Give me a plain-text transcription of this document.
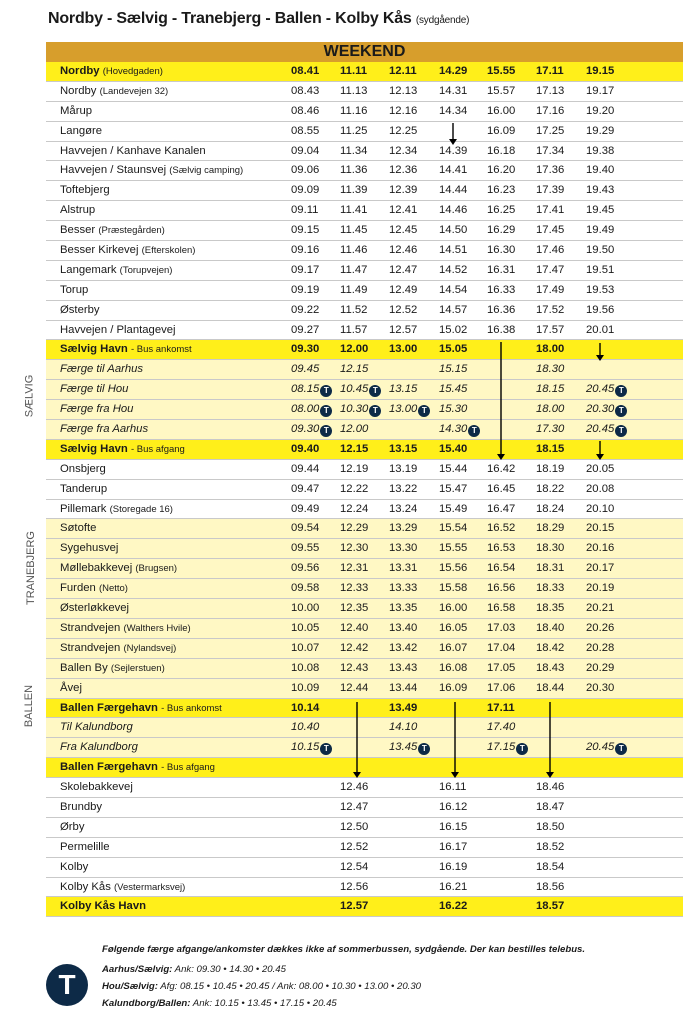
Nordby - Sælvig - Tranebjerg - Ballen - Kolby Kås (sydgående)
WEEKEND
SÆLVIG
TRANEBJERG
BALLEN
Nordby (Hovedgaden)	08.41 11.11 12.11 14.29 15.55 17.11 19.15
Nordby (Landevejen 32)	08.43 11.13 12.13 14.31 15.57 17.13 19.17
Mårup	08.46 11.16 12.16 14.34 16.00 17.16 19.20
Langøre	08.55 11.25 12.25	16.09 17.25 19.29
Havvejen / Kanhave Kanalen	09.04 11.34 12.34 14.39 16.18 17.34 19.38
Havvejen / Staunsvej (Sælvig camping)	09.06 11.36 12.36 14.41 16.20 17.36 19.40
Toftebjerg	09.09 11.39 12.39 14.44 16.23 17.39 19.43
Alstrup	09.11 11.41 12.41 14.46 16.25 17.41 19.45
Besser (Præstegården)	09.15 11.45 12.45 14.50 16.29 17.45 19.49
Besser Kirkevej (Efterskolen)	09.16 11.46 12.46 14.51 16.30 17.46 19.50
Langemark (Torupvejen)	09.17 11.47 12.47 14.52 16.31 17.47 19.51
Torup	09.19 11.49 12.49 14.54 16.33 17.49 19.53
Østerby	09.22 11.52 12.52 14.57 16.36 17.52 19.56
Havvejen / Plantagevej	09.27 11.57 12.57 15.02 16.38 17.57 20.01
Sælvig Havn - Bus ankomst	09.30 12.00 13.00 15.05	18.00
Færge til Aarhus	09.45 12.15	15.15	18.30
Færge til Hou	08.15 T 10.45 T 13.15 15.45	18.15 20.45 T
Færge fra Hou	08.00 T 10.30 T 13.00 T	15.30	18.00 20.30 T
Færge fra Aarhus	09.30 T 12.00	14.30 T	17.30 20.45 T
Sælvig Havn - Bus afgang	09.40 12.15 13.15 15.40	18.15
Onsbjerg	09.44 12.19 13.19 15.44 16.42 18.19 20.05
Tanderup	09.47 12.22 13.22 15.47 16.45 18.22 20.08
Pillemark (Storegade 16)	09.49 12.24 13.24 15.49 16.47 18.24 20.10
Søtofte	09.54 12.29 13.29 15.54 16.52 18.29 20.15
Sygehusvej	09.55 12.30 13.30 15.55 16.53 18.30 20.16
Møllebakkevej (Brugsen)	09.56 12.31 13.31 15.56 16.54 18.31 20.17
Furden (Netto)	09.58 12.33 13.33 15.58 16.56 18.33 20.19
Østerløkkevej	10.00 12.35 13.35 16.00 16.58 18.35 20.21
Strandvejen (Walthers Hvile)	10.05 12.40 13.40 16.05 17.03 18.40 20.26
Strandvejen (Nylandsvej)	10.07 12.42 13.42 16.07 17.04 18.42 20.28
Ballen By (Sejlerstuen)	10.08 12.43 13.43 16.08 17.05 18.43 20.29
Åvej	10.09 12.44 13.44 16.09 17.06 18.44 20.30
Ballen Færgehavn - Bus ankomst	10.14	13.49	17.11
Til Kalundborg	10.40	14.10	17.40
Fra Kalundborg	10.15 T	13.45 T	17.15 T	20.45 T
Ballen Færgehavn - Bus afgang
Skolebakkevej	12.46	16.11	18.46
Brundby	12.47	16.12	18.47
Ørby	12.50	16.15	18.50
Permelille	12.52	16.17	18.52
Kolby	12.54	16.19	18.54
Kolby Kås (Vestermarksvej)	12.56	16.21	18.56
Kolby Kås Havn	12.57	16.22	18.57
Følgende færge afgange/ankomster dækkes ikke af sommerbussen, sydgående. Der kan bestilles telebus.
T	Aarhus/Sælvig: Ank: 09.30 • 14.30 • 20.45
Hou/Sælvig: Afg: 08.15 • 10.45 • 20.45 / Ank: 08.00 • 10.30 • 13.00 • 20.30
Kalundborg/Ballen: Ank: 10.15 • 13.45 • 17.15 • 20.45
